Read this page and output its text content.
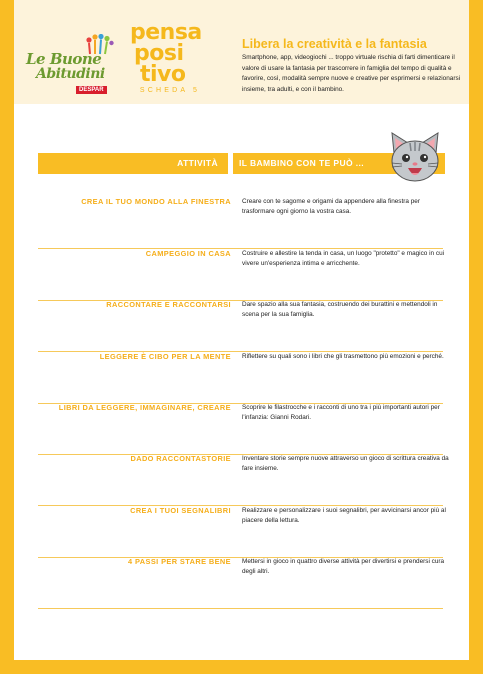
Le Buone
Abitudini
DESPAR
pensa
posi
tivo
SCHEDA 5
Libera la creatività e la fantasia
Smartphone, app, videogiochi ... troppo virtuale rischia di farti dimenticare il valore di usare la fantasia per trascorrere in famiglia del tempo di qualità e favorire, così, modalità sempre nuove e creative per esprimersi e relazionarsi insieme, tra adulti, e con il bambino.
ATTIVITÀ	IL BAMBINO CON TE PUÒ ...
CREA IL TUO MONDO ALLA FINESTRA Creare con te sagome e origami da appendere alla finestra per trasformare ogni giorno la vostra casa.
CAMPEGGIO IN CASA Costruire e allestire la tenda in casa, un luogo "protetto" e magico in cui vivere un'esperienza intima e arricchente.
RACCONTARE E RACCONTARSI Dare spazio alla sua fantasia, costruendo dei burattini e mettendoli in scena per la sua famiglia.
LEGGERE È CIBO PER LA MENTE Riflettere su quali sono i libri che gli trasmettono più emozioni e perché.
LIBRI DA LEGGERE, IMMAGINARE, CREARE Scoprire le filastrocche e i racconti di uno tra i più importanti autori per l'infanzia: Gianni Rodari.
DADO RACCONTASTORIE Inventare storie sempre nuove attraverso un gioco di scrittura creativa da fare insieme.
CREA I TUOI SEGNALIBRI Realizzare e personalizzare i suoi segnalibri, per avvicinarsi ancor più al piacere della lettura.
4 PASSI PER STARE BENE Mettersi in gioco in quattro diverse attività per divertirsi e prendersi cura degli altri.
